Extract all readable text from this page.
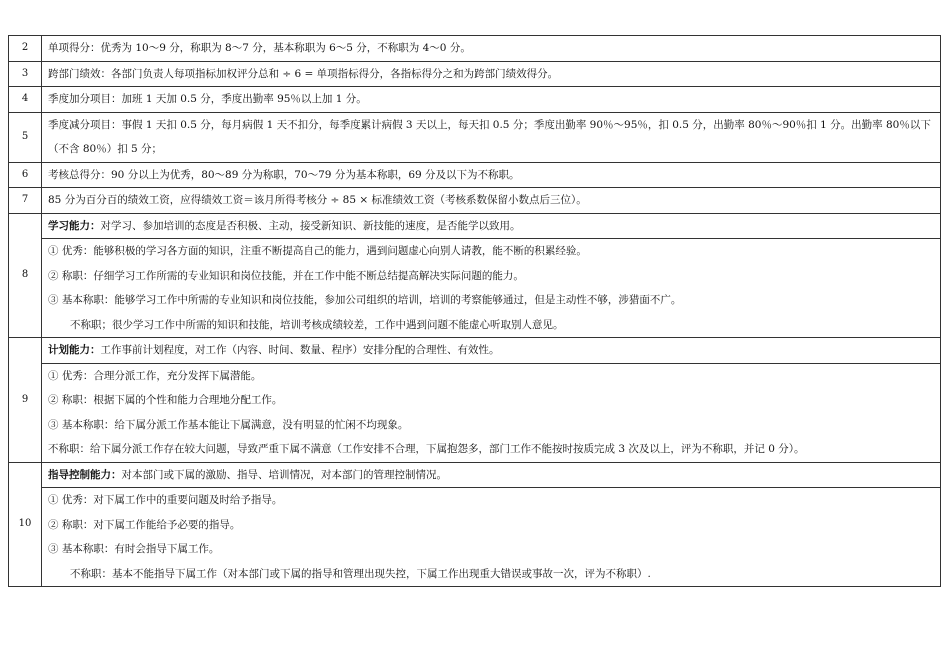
2	单项得分：优秀为 10～9 分，称职为 8～7 分，基本称职为 6～5 分，不称职为 4～0 分。

3	跨部门绩效：各部门负责人每项指标加权评分总和 ÷ 6 = 单项指标得分，各指标得分之和为跨部门绩效得分。

4	季度加分项目：加班 1 天加 0.5 分，季度出勤率 95％以上加 1 分。

5	季度减分项目：事假 1 天扣 0.5 分，每月病假 1 天不扣分，每季度累计病假 3 天以上，每天扣 0.5 分；季度出勤率 90％～95％，扣 0.5 分，出勤率 80％～90％扣 1 分。出勤率 80％以下（不含 80％）扣 5 分；

6	考核总得分：90 分以上为优秀，80～89 分为称职，70～79 分为基本称职，69 分及以下为不称职。

7	85 分为百分百的绩效工资，应得绩效工资＝该月所得考核分 ÷ 85 × 标准绩效工资（考核系数保留小数点后三位）。

8	学习能力：对学习、参加培训的态度是否积极、主动，接受新知识、新技能的速度，是否能学以致用。
① 优秀：能够积极的学习各方面的知识，注重不断提高自己的能力，遇到问题虚心向别人请教，能不断的积累经验。
② 称职：仔细学习工作所需的专业知识和岗位技能，并在工作中能不断总结提高解决实际问题的能力。
③ 基本称职：能够学习工作中所需的专业知识和岗位技能，参加公司组织的培训，培训的考察能够通过，但是主动性不够，涉猎面不广。
不称职；很少学习工作中所需的知识和技能，培训考核成绩较差，工作中遇到问题不能虚心听取别人意见。

9	计划能力：工作事前计划程度，对工作（内容、时间、数量、程序）安排分配的合理性、有效性。
① 优秀：合理分派工作，充分发挥下属潜能。
② 称职：根据下属的个性和能力合理地分配工作。
③ 基本称职：给下属分派工作基本能让下属满意，没有明显的忙闲不均现象。
不称职：给下属分派工作存在较大问题，导致严重下属不满意（工作安排不合理，下属抱怨多，部门工作不能按时按质完成 3 次及以上，评为不称职，并记 0 分）。

10	指导控制能力：对本部门或下属的激励、指导、培训情况，对本部门的管理控制情况。
① 优秀：对下属工作中的重要问题及时给予指导。
② 称职：对下属工作能给予必要的指导。
③ 基本称职：有时会指导下属工作。
不称职：基本不能指导下属工作（对本部门或下属的指导和管理出现失控，下属工作出现重大错误或事故一次，评为不称职）.
